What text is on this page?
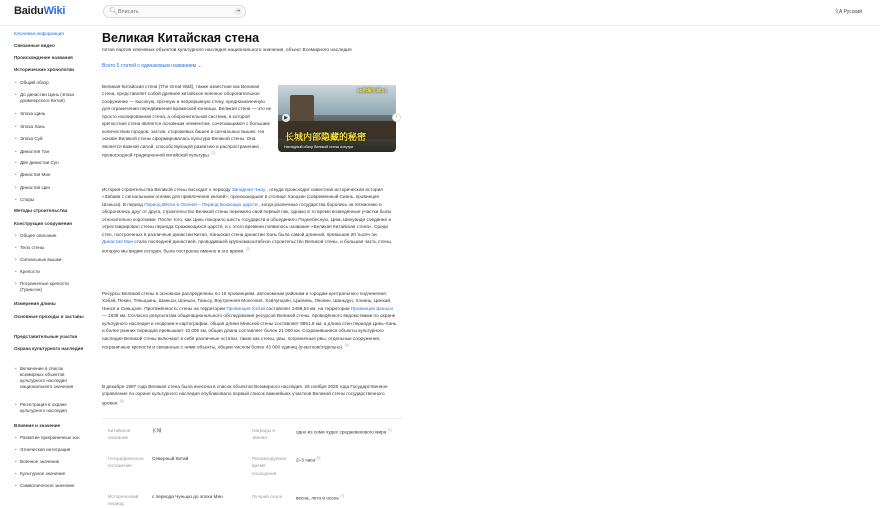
BaiduWiki	🔍︎
Вписать	⇥	文A Русский
Ключевая информация
Связанные видео
Происхождение названия
Исторические хронологии
• Общий обзор
• До династии Цинь (эпоха доимперского Китая)
• Эпоха Цинь
• Эпоха Хань
• Эпоха Суй
• Династия Тан
• Две династии Сун
• Династия Мин
• Династия Цин
• Споры
Методы строительства
Конструкция сооружения
• Общее описание
• Тело стены
• Сигнальные вышки
• Крепости
• Пограничные крепости (Гуаньчэн)
Измерения длины
Основные проходы и заставы
Представительные участки
Охрана культурного наследия
• Включение в список всемирных объектов культурного наследия национального значения
• Регистрация в охране культурного наследия
Влияние и значение
• Развитие приграничных зон
• Этническая интеграция
• Военное значение
• Культурное значение
• Символическое значение
Великая Китайская стена
пятая партия ключевых объектов культурного наследия национального значения, объект Всемирного наследия
Всего 5 статей с одинаковым названием ⌄
Великая Китайская стена (The Great Wall), также известная как Великая стена, представляет собой древнее китайское военное оборонительное сооружение — высокую, прочную и непрерывную стену, предназначенную для ограничения передвижения вражеской конницы. Великая стена — это не просто изолированная стена, а оборонительная система, в которой крепостная стена является основным элементом, сочетающимся с большим количеством городов, застав, сторожевых башен и сигнальных вышек. На основе Великой стены сформировалась культура Великой стены. Она является важной силой, способствующей развитию и распространению превосходной традиционной китайской культуры. [2]
3D拆解长城 01
长城内部隐藏的秘密
Наглядный обзор Великой стены изнутри
▶	›
История строительства Великой стены восходит к периоду Западная Чжоу , откуда происходит известная историческая история «Забава с сигнальными огнями для привлечения князей», произошедшая в столице Хаоцзин (современный Сиань, провинция Шэньси). В период Период Вёсен и Осеней – Период Воюющих царств , когда различные государства боролись за гегемонию и оборонялись друг от друга, строительство Великой стены пережило свой первый пик, однако в то время возведённые участки были относительно короткими. После того, как Цинь покорило шесть государств и объединило Поднебесную, Цинь Шихуанди соединил и отреставрировал стены периода Сражающихся царств, и с этого времени появилось название «Великая Китайская стена». Среди стен, построенных в различные династии Китая, Ханьская стена династии Хань была самой длинной, превышая 20 тысяч ли. Династия Мин стала последней династией, проводившей крупномасштабное строительство Великой стены, и большая часть стены, которую мы видим сегодня, была построена именно в это время. [3]
Ресурсы Великой стены в основном распределены по 15 провинциям, автономным районам и городам центрального подчинения: Хэбэй, Пекин, Тяньцзинь, Шаньси, Шэньси, Ганьсу, Внутренняя Монголия, Хэйлунцзян, Цзилинь, Ляонин, Шаньдун, Хэнань, Цинхай, Нинся и Синьцзян. Протяжённость стены на территории Провинция Хэбэй составляет 2498,54 км, на территории Провинция Шэньси — 1838 км. Согласно результатам общенационального обследования ресурсов Великой стены, проведённого ведомствами по охране культурного наследия и геодезии и картографии, общая длина Минской стены составляет 8851,8 км, а длина стен периода Цинь-Хань и более ранних периодов превышает 10 000 км, общая длина составляет более 21 000 км. Сохранившиеся объекты культурного наследия Великой стены включают в себя различные остатки, такие как стены, рвы, пограничные рвы, отдельные сооружения, пограничные крепости и связанные с ними объекты, общим числом более 43 000 единиц (участков/отдельно). [4]
В декабре 1987 года Великая стена была внесена в список объектов Всемирного наследия. 26 ноября 2020 года Государственное управление по охране культурного наследия опубликовало первый список важнейших участков Великой стены государственного уровня. [5]
Китайское название
长城	Награды и звания
одно из семи чудес средневекового мира [1]
Географическое положение
Северный Китай	Рекомендуемое время посещения
2–3 часа [6]
Исторический период
с периода Чуньцю до эпохи Мин	Лучший сезон	весна, лето и осень [7]
